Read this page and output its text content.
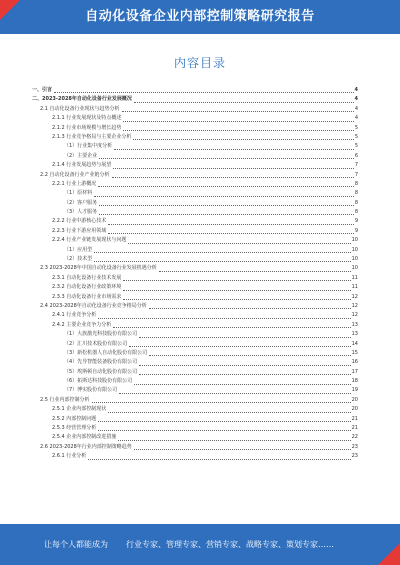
自动化设备企业内部控制策略研究报告
内容目录
一、引言	4
二、2023-2028年自动化设备行业发展概况	4
2.1 自动化设备行业现状与趋势分析	4
2.1.1 行业发展现状及特点概述	4
2.1.2 行业市场规模与增长趋势	5
2.1.3 行业竞争格局与主要企业分析	5
（1）行业集中度分析	5
（2）主要企业	6
2.1.4 行业发展趋势与展望	7
2.2 自动化设备行业产业链分析	7
2.2.1 行业上游概况	8
（1）原材料	8
（2）客户服务	8
（3）人才服务	8
2.2.2 行业中游核心技术	9
2.2.3 行业下游应用领域	9
2.2.4 行业产业链发展现状与问题	10
（1）应用型	10
（2）技术型	10
2.3 2023-2028年中国自动化设备行业发展机遇分析	10
2.3.1 自动化设备行业技术发展	11
2.3.2 自动化设备行业政策环境	11
2.3.3 自动化设备行业市场需求	12
2.4 2023-2028年自动化设备行业竞争格局分析	12
2.4.1 行业竞争分析	12
2.4.2 主要企业竞争力分析	13
（1）大族激光科技股份有限公司	13
（2）汇川技术股份有限公司	14
（3）新松机器人自动化股份有限公司	15
（4）先导智能装备股份有限公司	16
（5）埃斯顿自动化股份有限公司	17
（6）拓斯达科技股份有限公司	18
（7）博实股份有限公司	19
2.5 行业内部控制分析	20
2.5.1 企业内部控制现状	20
2.5.2 内部控制问题	21
2.5.3 经营管理分析	21
2.5.4 企业内部控制改进措施	22
2.6 2023-2028年行业内部控制策略趋势	23
2.6.1 行业分析	23
让每个人都能成为 行业专家、管理专家、营销专家、战略专家、策划专家……
